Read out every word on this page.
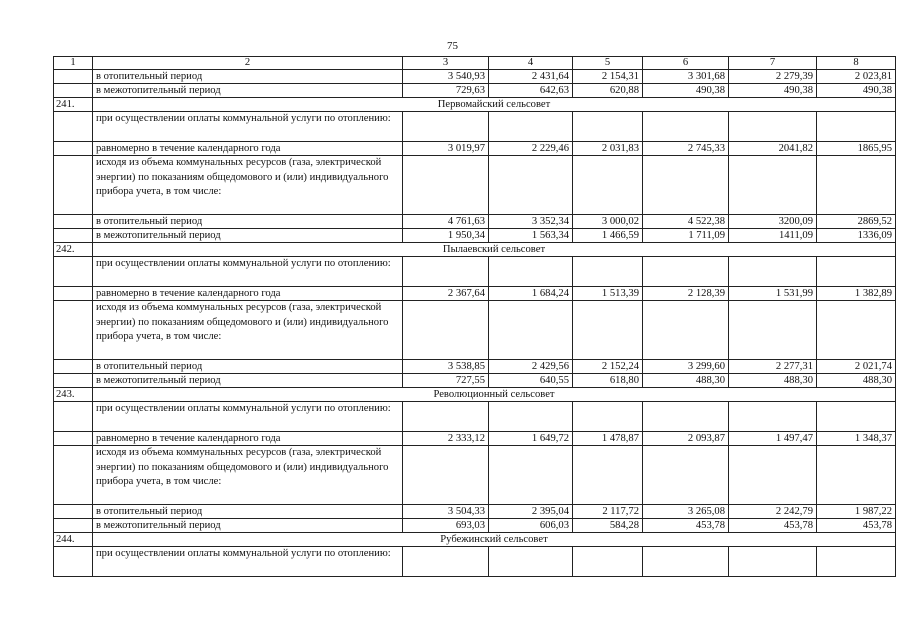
75
1	2	3	4	5	6	7	8
	в отопительный период	3 540,93	2 431,64	2 154,31	3 301,68	2 279,39	2 023,81
	в межотопительный период	729,63	642,63	620,88	490,38	490,38	490,38
241.	Первомайский сельсовет						
	при осуществлении оплаты коммунальной услуги по отоплению:						
	равномерно в течение календарного года	3 019,97	2 229,46	2 031,83	2 745,33	2041,82	1865,95
	исходя из объема коммунальных ресурсов (газа, электрической энергии) по показаниям общедомового и (или) индивидуального прибора учета, в том числе:						
	в отопительный период	4 761,63	3 352,34	3 000,02	4 522,38	3200,09	2869,52
	в межотопительный период	1 950,34	1 563,34	1 466,59	1 711,09	1411,09	1336,09
242.	Пылаевский сельсовет						
	при осуществлении оплаты коммунальной услуги по отоплению:						
	равномерно в течение календарного года	2 367,64	1 684,24	1 513,39	2 128,39	1 531,99	1 382,89
	исходя из объема коммунальных ресурсов (газа, электрической энергии) по показаниям общедомового и (или) индивидуального прибора учета, в том числе:						
	в отопительный период	3 538,85	2 429,56	2 152,24	3 299,60	2 277,31	2 021,74
	в межотопительный период	727,55	640,55	618,80	488,30	488,30	488,30
243.	Революционный сельсовет						
	при осуществлении оплаты коммунальной услуги по отоплению:						
	равномерно в течение календарного года	2 333,12	1 649,72	1 478,87	2 093,87	1 497,47	1 348,37
	исходя из объема коммунальных ресурсов (газа, электрической энергии) по показаниям общедомового и (или) индивидуального прибора учета, в том числе:						
	в отопительный период	3 504,33	2 395,04	2 117,72	3 265,08	2 242,79	1 987,22
	в межотопительный период	693,03	606,03	584,28	453,78	453,78	453,78
244.	Рубежинский сельсовет						
	при осуществлении оплаты коммунальной услуги по отоплению:						
